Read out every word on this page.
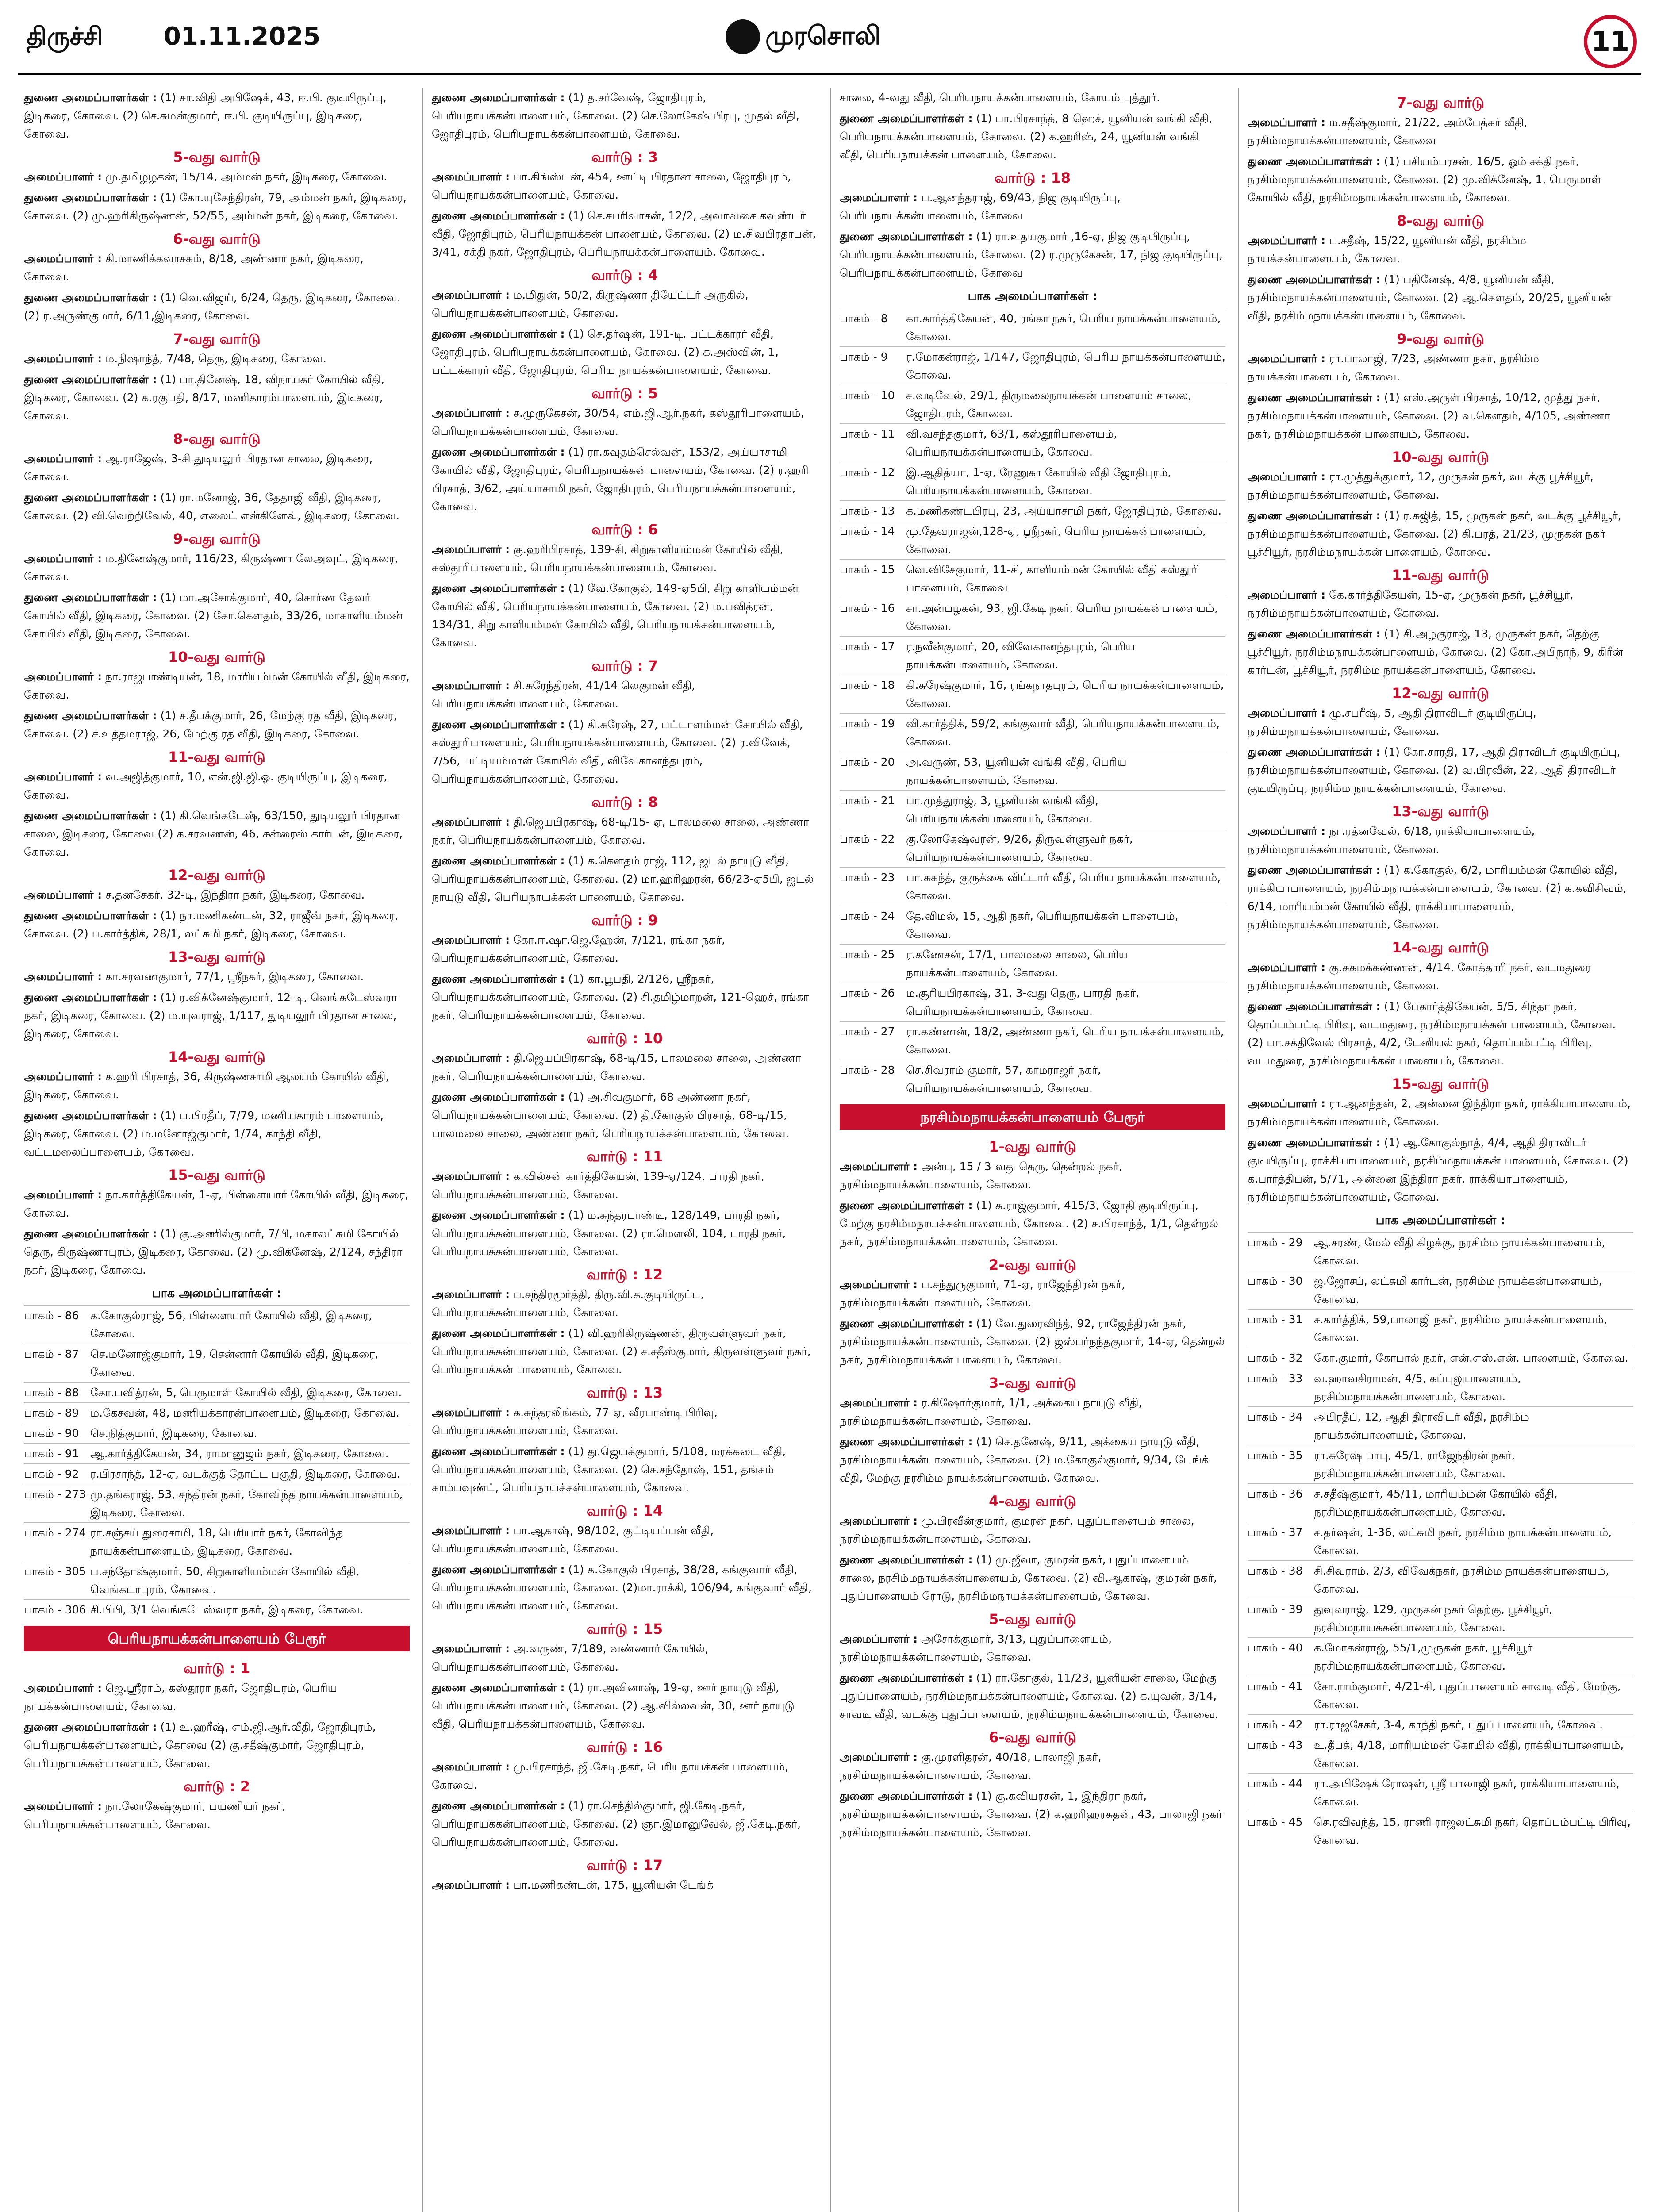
திருச்சி 01.11.2025	முரசொலி	11
துணை அமைப்பாளர்கள் : (1) சா.விதி அபிஷேக், 43, ஈ.பி. குடியிருப்பு, இடிகரை, கோவை. (2) செ.சுமன்குமார், ஈ.பி. குடியிருப்பு, இடிகரை, கோவை.
5-வது வார்டு
அமைப்பாளர் : மு.தமிழழகன், 15/14, அம்மன் நகர், இடிகரை, கோவை.
துணை அமைப்பாளர்கள் : (1) கோ.யுகேந்திரன், 79, அம்மன் நகர், இடிகரை, கோவை. (2) மு.ஹரிகிருஷ்ணன், 52/55, அம்மன் நகர், இடிகரை, கோவை.
6-வது வார்டு
அமைப்பாளர் : கி.மாணிக்கவாசகம், 8/18, அண்ணா நகர், இடிகரை, கோவை.
துணை அமைப்பாளர்கள் : (1) வெ.விஜய், 6/24, தெரு, இடிகரை, கோவை. (2) ர.அருண்குமார், 6/11,இடிகரை, கோவை.
7-வது வார்டு
அமைப்பாளர் : ம.நிஷாந்த், 7/48, தெரு, இடிகரை, கோவை.
துணை அமைப்பாளர்கள் : (1) பா.தினேஷ், 18, விநாயகர் கோயில் வீதி, இடிகரை, கோவை. (2) க.ரகுபதி, 8/17, மணிகாரம்பாளையம், இடிகரை, கோவை.
8-வது வார்டு
அமைப்பாளர் : ஆ.ராஜேஷ், 3-சி துடியலூர் பிரதான சாலை, இடிகரை, கோவை.
துணை அமைப்பாளர்கள் : (1) ரா.மனோஜ், 36, தேதாஜி வீதி, இடிகரை, கோவை. (2) வி.வெற்றிவேல், 40, எலைட் என்கிளேவ், இடிகரை, கோவை.
9-வது வார்டு
அமைப்பாளர் : ம.தினேஷ்குமார், 116/23, கிருஷ்ணா லேஅவுட், இடிகரை, கோவை.
துணை அமைப்பாளர்கள் : (1) மா.அசோக்குமார், 40, சொர்ண தேவர் கோயில் வீதி, இடிகரை, கோவை. (2) கோ.கௌதம், 33/26, மாகாளியம்மன் கோயில் வீதி, இடிகரை, கோவை.
10-வது வார்டு
அமைப்பாளர் : நா.ராஜபாண்டியன், 18, மாரியம்மன் கோயில் வீதி, இடிகரை, கோவை.
துணை அமைப்பாளர்கள் : (1) ச.தீபக்குமார், 26, மேற்கு ரத வீதி, இடிகரை, கோவை. (2) ச.உத்தமராஜ், 26, மேற்கு ரத வீதி, இடிகரை, கோவை.
11-வது வார்டு
அமைப்பாளர் : வ.அஜித்குமார், 10, என்.ஜி.ஜி.ஓ. குடியிருப்பு, இடிகரை, கோவை.
துணை அமைப்பாளர்கள் : (1) கி.வெங்கடேஷ், 63/150, துடியலூர் பிரதான சாலை, இடிகரை, கோவை (2) க.சரவணன், 46, சன்ரைஸ் கார்டன், இடிகரை, கோவை.
12-வது வார்டு
அமைப்பாளர் : ச.தனசேகர், 32-டி, இந்திரா நகர், இடிகரை, கோவை.
துணை அமைப்பாளர்கள் : (1) நா.மணிகண்டன், 32, ராஜீவ் நகர், இடிகரை, கோவை. (2) ப.கார்த்திக், 28/1, லட்சுமி நகர், இடிகரை, கோவை.
13-வது வார்டு
அமைப்பாளர் : கா.சரவணகுமார், 77/1, ஸ்ரீநகர், இடிகரை, கோவை.
துணை அமைப்பாளர்கள் : (1) ர.விக்னேஷ்குமார், 12-டி, வெங்கடேஸ்வரா நகர், இடிகரை, கோவை. (2) ம.யுவராஜ், 1/117, துடியலூர் பிரதான சாலை, இடிகரை, கோவை.
14-வது வார்டு
அமைப்பாளர் : க.ஹரி பிரசாத், 36, கிருஷ்ணசாமி ஆலயம் கோயில் வீதி, இடிகரை, கோவை.
துணை அமைப்பாளர்கள் : (1) ப.பிரதீப், 7/79, மணியகாரம் பாளையம், இடிகரை, கோவை. (2) ம.மனோஜ்குமார், 1/74, காந்தி வீதி, வட்டமலைப்பாளையம், கோவை.
15-வது வார்டு
அமைப்பாளர் : நா.கார்த்திகேயன், 1-ஏ, பிள்ளையார் கோயில் வீதி, இடிகரை, கோவை.
துணை அமைப்பாளர்கள் : (1) கு.அணில்குமார், 7/பி, மகாலட்சுமி கோயில் தெரு, கிருஷ்ணாபுரம், இடிகரை, கோவை. (2) மு.விக்னேஷ், 2/124, சந்திரா நகர், இடிகரை, கோவை.
பாக அமைப்பாளர்கள் :
பாகம் - 86	க.கோகுல்ராஜ், 56, பிள்ளையார் கோயில் வீதி, இடிகரை, கோவை.
பாகம் - 87	செ.மனோஜ்குமார், 19, சென்னார் கோயில் வீதி, இடிகரை, கோவை.
பாகம் - 88	கோ.பவித்ரன், 5, பெருமாள் கோயில் வீதி, இடிகரை, கோவை.
பாகம் - 89	ம.கேசவன், 48, மணியக்காரன்பாளையம், இடிகரை, கோவை.
பாகம் - 90	செ.நித்குமார், இடிகரை, கோவை.
பாகம் - 91	ஆ.கார்த்திகேயன், 34, ராமானுஜம் நகர், இடிகரை, கோவை.
பாகம் - 92	ர.பிரசாந்த், 12-ஏ, வடக்குத் தோட்ட பகுதி, இடிகரை, கோவை.
பாகம் - 273 மு.தங்கராஜ், 53, சந்திரன் நகர், கோவிந்த நாயக்கன்பாளையம், இடிகரை, கோவை.
பாகம் - 274 ரா.சஞ்சய் துரைசாமி, 18, பெரியார் நகர், கோவிந்த நாயக்கன்பாளையம், இடிகரை, கோவை.
பாகம் - 305 ப.சந்தோஷ்குமார், 50, சிறுகாளியம்மன் கோயில் வீதி, வெங்கடாபுரம், கோவை.
பாகம் - 306 சி.பிபி, 3/1 வெங்கடேஸ்வரா நகர், இடிகரை, கோவை.
பெரியநாயக்கன்பாளையம் பேரூர்
வார்டு : 1
அமைப்பாளர் : ஜெ.ஸ்ரீராம், கஸ்தூரா நகர், ஜோதிபுரம், பெரிய நாயக்கன்பாளையம், கோவை.
துணை அமைப்பாளர்கள் : (1) உ.ஹரீஷ், எம்.ஜி.ஆர்.வீதி, ஜோதிபுரம், பெரியநாயக்கன்பாளையம், கோவை (2) கு.சதீஷ்குமார், ஜோதிபுரம், பெரியநாயக்கன்பாளையம், கோவை.
வார்டு : 2
அமைப்பாளர் : நா.லோகேஷ்குமார், பயணியர் நகர், பெரியநாயக்கன்பாளையம், கோவை.
துணை அமைப்பாளர்கள் : (1) த.சர்வேஷ், ஜோதிபுரம், பெரியநாயக்கன்பாளையம், கோவை. (2) செ.லோகேஷ் பிரபு, முதல் வீதி, ஜோதிபுரம், பெரியநாயக்கன்பாளையம், கோவை.
வார்டு : 3
அமைப்பாளர் : பா.கிங்ஸ்டன், 454, ஊட்டி பிரதான சாலை, ஜோதிபுரம், பெரியநாயக்கன்பாளையம், கோவை.
துணை அமைப்பாளர்கள் : (1) செ.சபரிவாசன், 12/2, அவாவசை கவுண்டர் வீதி, ஜோதிபுரம், பெரியநாயக்கன் பாளையம், கோவை. (2) ம.சிவபிரதாபன், 3/41, சக்தி நகர், ஜோதிபுரம், பெரியநாயக்கன்பாளையம், கோவை.
வார்டு : 4
அமைப்பாளர் : ம.மிதுன், 50/2, கிருஷ்ணா தியேட்டர் அருகில், பெரியநாயக்கன்பாளையம், கோவை.
துணை அமைப்பாளர்கள் : (1) செ.தர்ஷன், 191-டி, பட்டக்காரர் வீதி, ஜோதிபுரம், பெரியநாயக்கன்பாளையம், கோவை. (2) க.அஸ்வின், 1, பட்டக்காரர் வீதி, ஜோதிபுரம், பெரிய நாயக்கன்பாளையம், கோவை.
வார்டு : 5
அமைப்பாளர் : ச.முருகேசன், 30/54, எம்.ஜி.ஆர்.நகர், கஸ்தூரிபாளையம், பெரியநாயக்கன்பாளையம், கோவை.
துணை அமைப்பாளர்கள் : (1) ரா.கவுதம்செல்வன், 153/2, அய்யாசாமி கோயில் வீதி, ஜோதிபுரம், பெரியநாயக்கன் பாளையம், கோவை. (2) ர.ஹரி பிரசாத், 3/62, அய்யாசாமி நகர், ஜோதிபுரம், பெரியநாயக்கன்பாளையம், கோவை.
வார்டு : 6
அமைப்பாளர் : கு.ஹரிபிரசாத், 139-சி, சிறுகாளியம்மன் கோயில் வீதி, கஸ்தூரிபாளையம், பெரியநாயக்கன்பாளையம், கோவை.
துணை அமைப்பாளர்கள் : (1) வே.கோகுல், 149-ஏ5பி, சிறு காளியம்மன் கோயில் வீதி, பெரியநாயக்கன்பாளையம், கோவை. (2) ம.பவித்ரன், 134/31, சிறு காளியம்மன் கோயில் வீதி, பெரியநாயக்கன்பாளையம், கோவை.
வார்டு : 7
அமைப்பாளர் : சி.சுரேந்திரன், 41/14 லெகுமன் வீதி, பெரியநாயக்கன்பாளையம், கோவை.
துணை அமைப்பாளர்கள் : (1) கி.சுரேஷ், 27, பட்டாளம்மன் கோயில் வீதி, கஸ்தூரிபாளையம், பெரியநாயக்கன்பாளையம், கோவை. (2) ர.விவேக், 7/56, பட்டியம்மாள் கோயில் வீதி, விவேகானந்தபுரம், பெரியநாயக்கன்பாளையம், கோவை.
வார்டு : 8
அமைப்பாளர் : தி.ஜெயபிரகாஷ், 68-டி/15- ஏ, பாலமலை சாலை, அண்ணா நகர், பெரியநாயக்கன்பாளையம், கோவை.
துணை அமைப்பாளர்கள் : (1) க.கௌதம் ராஜ், 112, ஜடல் நாயுடு வீதி, பெரியநாயக்கன்பாளையம், கோவை. (2) மா.ஹரிஹரன், 66/23-ஏ5பி, ஜடல் நாயுடு வீதி, பெரியநாயக்கன் பாளையம், கோவை.
வார்டு : 9
அமைப்பாளர் : கோ.ஈ.ஷா.ஜெ.ஹேன், 7/121, ரங்கா நகர், பெரியநாயக்கன்பாளையம், கோவை.
துணை அமைப்பாளர்கள் : (1) கா.பூபதி, 2/126, ஸ்ரீநகர், பெரியநாயக்கன்பாளையம், கோவை. (2) சி.தமிழ்மாறன், 121-ஹெச், ரங்கா நகர், பெரியநாயக்கன்பாளையம், கோவை.
வார்டு : 10
அமைப்பாளர் : தி.ஜெயப்பிரகாஷ், 68-டி/15, பாலமலை சாலை, அண்ணா நகர், பெரியநாயக்கன்பாளையம், கோவை.
துணை அமைப்பாளர்கள் : (1) அ.சிவகுமார், 68 அண்ணா நகர், பெரியநாயக்கன்பாளையம், கோவை. (2) தி.கோகுல் பிரசாத், 68-டி/15, பாலமலை சாலை, அண்ணா நகர், பெரியநாயக்கன்பாளையம், கோவை.
வார்டு : 11
அமைப்பாளர் : க.வில்சன் கார்த்திகேயன், 139-ஏ/124, பாரதி நகர், பெரியநாயக்கன்பாளையம், கோவை.
துணை அமைப்பாளர்கள் : (1) ம.சுந்தரபாண்டி, 128/149, பாரதி நகர், பெரியநாயக்கன்பாளையம், கோவை. (2) ரா.மௌலி, 104, பாரதி நகர், பெரியநாயக்கன்பாளையம், கோவை.
வார்டு : 12
அமைப்பாளர் : ப.சந்திரமூர்த்தி, திரு.வி.க.குடியிருப்பு, பெரியநாயக்கன்பாளையம், கோவை.
துணை அமைப்பாளர்கள் : (1) வி.ஹரிகிருஷ்ணன், திருவள்ளுவர் நகர், பெரியநாயக்கன்பாளையம், கோவை. (2) ச.சதீஸ்குமார், திருவள்ளுவர் நகர், பெரியநாயக்கன் பாளையம், கோவை.
வார்டு : 13
அமைப்பாளர் : க.சுந்தரலிங்கம், 77-ஏ, வீரபாண்டி பிரிவு, பெரியநாயக்கன்பாளையம், கோவை.
துணை அமைப்பாளர்கள் : (1) து.ஜெயக்குமார், 5/108, மரக்கடை வீதி, பெரியநாயக்கன்பாளையம், கோவை. (2) செ.சந்தோஷ், 151, தங்கம் காம்பவுண்ட், பெரியநாயக்கன்பாளையம், கோவை.
வார்டு : 14
அமைப்பாளர் : பா.ஆகாஷ், 98/102, குட்டியப்பன் வீதி, பெரியநாயக்கன்பாளையம், கோவை.
துணை அமைப்பாளர்கள் : (1) க.கோகுல் பிரசாத், 38/28, கங்குவார் வீதி, பெரியநாயக்கன்பாளையம், கோவை. (2)மா.ராக்கி, 106/94, கங்குவார் வீதி, பெரியநாயக்கன்பாளையம், கோவை.
வார்டு : 15
அமைப்பாளர் : அ.வருண், 7/189, வண்ணார் கோயில், பெரியநாயக்கன்பாளையம், கோவை.
துணை அமைப்பாளர்கள் : (1) ரா.அவினாஷ், 19-ஏ, ஊர் நாயுடு வீதி, பெரியநாயக்கன்பாளையம், கோவை. (2) ஆ.வில்லவன், 30, ஊர் நாயுடு வீதி, பெரியநாயக்கன்பாளையம், கோவை.
வார்டு : 16
அமைப்பாளர் : மு.பிரசாந்த், ஜி.கேடி.நகர், பெரியநாயக்கன் பாளையம், கோவை.
துணை அமைப்பாளர்கள் : (1) ரா.செந்தில்குமார், ஜி.கேடி.நகர், பெரியநாயக்கன்பாளையம், கோவை. (2) ஞா.இமானுவேல், ஜி.கேடி.நகர், பெரியநாயக்கன்பாளையம், கோவை.
வார்டு : 17
அமைப்பாளர் : பா.மணிகண்டன், 175, யூனியன் டேங்க்
சாலை, 4-வது வீதி, பெரியநாயக்கன்பாளையம், கோயம் புத்தூர்.
துணை அமைப்பாளர்கள் : (1) பா.பிரசாந்த், 8-ஹெச், யூனியன் வங்கி வீதி, பெரியநாயக்கன்பாளையம், கோவை. (2) க.ஹரிஷ், 24, யூனியன் வங்கி வீதி, பெரியநாயக்கன் பாளையம், கோவை.
வார்டு : 18
அமைப்பாளர் : ப.ஆனந்தராஜ், 69/43, நிஜ குடியிருப்பு, பெரியநாயக்கன்பாளையம், கோவை
துணை அமைப்பாளர்கள் : (1) ரா.உதயகுமார் ,16-ஏ, நிஜ குடியிருப்பு, பெரியநாயக்கன்பாளையம், கோவை. (2) ர.முருகேசன், 17, நிஜ குடியிருப்பு, பெரியநாயக்கன்பாளையம், கோவை
பாக அமைப்பாளர்கள் :
பாகம் - 8	கா.கார்த்திகேயன், 40, ரங்கா நகர், பெரிய நாயக்கன்பாளையம், கோவை.
பாகம் - 9	ர.மோகன்ராஜ், 1/147, ஜோதிபுரம், பெரிய நாயக்கன்பாளையம், கோவை.
பாகம் - 10	ச.வடிவேல், 29/1, திருமலைநாயக்கன் பாளையம் சாலை, ஜோதிபுரம், கோவை.
பாகம் - 11	வி.வசந்தகுமார், 63/1, கஸ்தூரிபாளையம், பெரியநாயக்கன்பாளையம், கோவை.
பாகம் - 12	இ.ஆதித்யா, 1-ஏ, ரேணுகா கோயில் வீதி ஜோதிபுரம், பெரியநாயக்கன்பாளையம், கோவை.
பாகம் - 13	க.மணிகண்டபிரபு, 23, அய்யாசாமி நகர், ஜோதிபுரம், கோவை.
பாகம் - 14	மு.தேவராஜன்,128-ஏ, ஸ்ரீநகர், பெரிய நாயக்கன்பாளையம், கோவை.
பாகம் - 15	வெ.விசேகுமார், 11-சி, காளியம்மன் கோயில் வீதி கஸ்தூரி பாளையம், கோவை
பாகம் - 16	சா.அன்பழகன், 93, ஜி.கேடி நகர், பெரிய நாயக்கன்பாளையம், கோவை.
பாகம் - 17	ர.நவீன்குமார், 20, விவேகானந்தபுரம், பெரிய நாயக்கன்பாளையம், கோவை.
பாகம் - 18	கி.சுரேஷ்குமார், 16, ரங்கநாதபுரம், பெரிய நாயக்கன்பாளையம், கோவை.
பாகம் - 19	வி.கார்த்திக், 59/2, கங்குவார் வீதி, பெரியநாயக்கன்பாளையம், கோவை.
பாகம் - 20	அ.வருண், 53, யூனியன் வங்கி வீதி, பெரிய நாயக்கன்பாளையம், கோவை.
பாகம் - 21	பா.முத்துராஜ், 3, யூனியன் வங்கி வீதி, பெரியநாயக்கன்பாளையம், கோவை.
பாகம் - 22	கு.லோகேஷ்வரன், 9/26, திருவள்ளுவர் நகர், பெரியநாயக்கன்பாளையம், கோவை.
பாகம் - 23	பா.சுகந்த், குருக்கை விட்டார் வீதி, பெரிய நாயக்கன்பாளையம், கோவை.
பாகம் - 24	தே.விமல், 15, ஆதி நகர், பெரியநாயக்கன் பாளையம், கோவை.
பாகம் - 25	ர.கணேசன், 17/1, பாலமலை சாலை, பெரிய நாயக்கன்பாளையம், கோவை.
பாகம் - 26	ம.சூரியபிரகாஷ், 31, 3-வது தெரு, பாரதி நகர், பெரியநாயக்கன்பாளையம், கோவை.
பாகம் - 27	ரா.கண்ணன், 18/2, அண்ணா நகர், பெரிய நாயக்கன்பாளையம், கோவை.
பாகம் - 28	செ.சிவராம் குமார், 57, காமராஜர் நகர், பெரியநாயக்கன்பாளையம், கோவை.
நரசிம்மநாயக்கன்பாளையம் பேரூர்
1-வது வார்டு
அமைப்பாளர் : அன்பு, 15 / 3-வது தெரு, தென்றல் நகர், நரசிம்மநாயக்கன்பாளையம், கோவை.
துணை அமைப்பாளர்கள் : (1) க.ராஜ்குமார், 415/3, ஜோதி குடியிருப்பு, மேற்கு நரசிம்மநாயக்கன்பாளையம், கோவை. (2) ச.பிரசாந்த், 1/1, தென்றல் நகர், நரசிம்மநாயக்கன்பாளையம், கோவை.
2-வது வார்டு
அமைப்பாளர் : ப.சந்துருகுமார், 71-ஏ, ராஜேந்திரன் நகர், நரசிம்மநாயக்கன்பாளையம், கோவை.
துணை அமைப்பாளர்கள் : (1) வே.துரைவிந்த், 92, ராஜேந்திரன் நகர், நரசிம்மநாயக்கன்பாளையம், கோவை. (2) ஜஸ்பர்நந்தகுமார், 14-ஏ, தென்றல் நகர், நரசிம்மநாயக்கன் பாளையம், கோவை.
3-வது வார்டு
அமைப்பாளர் : ர.கிஷோர்குமார், 1/1, அக்கைய நாயுடு வீதி, நரசிம்மநாயக்கன்பாளையம், கோவை.
துணை அமைப்பாளர்கள் : (1) செ.தனேஷ், 9/11, அக்கைய நாயுடு வீதி, நரசிம்மநாயக்கன்பாளையம், கோவை. (2) ம.கோகுல்குமார், 9/34, டேங்க் வீதி, மேற்கு நரசிம்ம நாயக்கன்பாளையம், கோவை.
4-வது வார்டு
அமைப்பாளர் : மு.பிரவீன்குமார், குமரன் நகர், புதுப்பாளையம் சாலை, நரசிம்மநாயக்கன்பாளையம், கோவை.
துணை அமைப்பாளர்கள் : (1) மு.ஜீவா, குமரன் நகர், புதுப்பாளையம் சாலை, நரசிம்மநாயக்கன்பாளையம், கோவை. (2) வி.ஆகாஷ், குமரன் நகர், புதுப்பாளையம் ரோடு, நரசிம்மநாயக்கன்பாளையம், கோவை.
5-வது வார்டு
அமைப்பாளர் : அசோக்குமார், 3/13, புதுப்பாளையம், நரசிம்மநாயக்கன்பாளையம், கோவை.
துணை அமைப்பாளர்கள் : (1) ரா.கோகுல், 11/23, யூனியன் சாலை, மேற்கு புதுப்பாளையம், நரசிம்மநாயக்கன்பாளையம், கோவை. (2) க.யுவன், 3/14, சாவடி வீதி, வடக்கு புதுப்பாளையம், நரசிம்மநாயக்கன்பாளையம், கோவை.
6-வது வார்டு
அமைப்பாளர் : கு.முரளிதரன், 40/18, பாலாஜி நகர், நரசிம்மநாயக்கன்பாளையம், கோவை.
துணை அமைப்பாளர்கள் : (1) கு.கவியரசன், 1, இந்திரா நகர், நரசிம்மநாயக்கன்பாளையம், கோவை. (2) க.ஹரிஹரசுதன், 43, பாலாஜி நகர் நரசிம்மநாயக்கன்பாளையம், கோவை.
7-வது வார்டு
அமைப்பாளர் : ம.சதீஷ்குமார், 21/22, அம்பேத்கர் வீதி, நரசிம்மநாயக்கன்பாளையம், கோவை
துணை அமைப்பாளர்கள் : (1) பசியம்பரசன், 16/5, ஓம் சக்தி நகர், நரசிம்மநாயக்கன்பாளையம், கோவை. (2) மு.விக்னேஷ், 1, பெருமாள் கோயில் வீதி, நரசிம்மநாயக்கன்பாளையம், கோவை.
8-வது வார்டு
அமைப்பாளர் : ப.சதீஷ், 15/22, யூனியன் வீதி, நரசிம்ம நாயக்கன்பாளையம், கோவை.
துணை அமைப்பாளர்கள் : (1) பதினேஷ், 4/8, யூனியன் வீதி, நரசிம்மநாயக்கன்பாளையம், கோவை. (2) ஆ.கௌதம், 20/25, யூனியன் வீதி, நரசிம்மநாயக்கன்பாளையம், கோவை.
9-வது வார்டு
அமைப்பாளர் : ரா.பாலாஜி, 7/23, அண்ணா நகர், நரசிம்ம நாயக்கன்பாளையம், கோவை.
துணை அமைப்பாளர்கள் : (1) எஸ்.அருள் பிரசாத், 10/12, முத்து நகர், நரசிம்மநாயக்கன்பாளையம், கோவை. (2) வ.கௌதம், 4/105, அண்ணா நகர், நரசிம்மநாயக்கன் பாளையம், கோவை.
10-வது வார்டு
அமைப்பாளர் : ரா.முத்துக்குமார், 12, முருகன் நகர், வடக்கு பூச்சியூர், நரசிம்மநாயக்கன்பாளையம், கோவை.
துணை அமைப்பாளர்கள் : (1) ர.சுஜித், 15, முருகன் நகர், வடக்கு பூச்சியூர், நரசிம்மநாயக்கன்பாளையம், கோவை. (2) கி.பரத், 21/23, முருகன் நகர் பூச்சியூர், நரசிம்மநாயக்கன் பாளையம், கோவை.
11-வது வார்டு
அமைப்பாளர் : கே.கார்த்திகேயன், 15-ஏ, முருகன் நகர், பூச்சியூர், நரசிம்மநாயக்கன்பாளையம், கோவை.
துணை அமைப்பாளர்கள் : (1) சி.அழகுராஜ், 13, முருகன் நகர், தெற்கு பூச்சியூர், நரசிம்மநாயக்கன்பாளையம், கோவை. (2) கோ.அபிநாந், 9, கிரீன் கார்டன், பூச்சியூர், நரசிம்ம நாயக்கன்பாளையம், கோவை.
12-வது வார்டு
அமைப்பாளர் : மு.சபரீஷ், 5, ஆதி திராவிடர் குடியிருப்பு, நரசிம்மநாயக்கன்பாளையம், கோவை.
துணை அமைப்பாளர்கள் : (1) கோ.சாரதி, 17, ஆதி திராவிடர் குடியிருப்பு, நரசிம்மநாயக்கன்பாளையம், கோவை. (2) வ.பிரவீன், 22, ஆதி திராவிடர் குடியிருப்பு, நரசிம்ம நாயக்கன்பாளையம், கோவை.
13-வது வார்டு
அமைப்பாளர் : நா.ரத்னவேல், 6/18, ராக்கியாபாளையம், நரசிம்மநாயக்கன்பாளையம், கோவை.
துணை அமைப்பாளர்கள் : (1) க.கோகுல், 6/2, மாரியம்மன் கோயில் வீதி, ராக்கியாபாளையம், நரசிம்மநாயக்கன்பாளையம், கோவை. (2) க.கவிசிவம், 6/14, மாரியம்மன் கோயில் வீதி, ராக்கியாபாளையம், நரசிம்மநாயக்கன்பாளையம், கோவை.
14-வது வார்டு
அமைப்பாளர் : கு.சுகமக்கண்ணன், 4/14, கோத்தாரி நகர், வடமதுரை நரசிம்மநாயக்கன்பாளையம், கோவை.
துணை அமைப்பாளர்கள் : (1) பேகார்த்திகேயன், 5/5, சிந்தா நகர், தொப்பம்பட்டி பிரிவு, வடமதுரை, நரசிம்மநாயக்கன் பாளையம், கோவை. (2) பா.சக்திவேல் பிரசாத், 4/2, டேனியல் நகர், தொப்பம்பட்டி பிரிவு, வடமதுரை, நரசிம்மநாயக்கன் பாளையம், கோவை.
15-வது வார்டு
அமைப்பாளர் : ரா.ஆனந்தன், 2, அன்னை இந்திரா நகர், ராக்கியாபாளையம், நரசிம்மநாயக்கன்பாளையம், கோவை.
துணை அமைப்பாளர்கள் : (1) ஆ.கோகுல்நாத், 4/4, ஆதி திராவிடர் குடியிருப்பு, ராக்கியாபாளையம், நரசிம்மநாயக்கன் பாளையம், கோவை. (2) க.பார்த்திபன், 5/71, அன்னை இந்திரா நகர், ராக்கியாபாளையம், நரசிம்மநாயக்கன்பாளையம், கோவை.
பாக அமைப்பாளர்கள் :
பாகம் - 29	ஆ.சரண், மேல் வீதி கிழக்கு, நரசிம்ம நாயக்கன்பாளையம், கோவை.
பாகம் - 30	ஜ.ஜோசப், லட்சுமி கார்டன், நரசிம்ம நாயக்கன்பாளையம், கோவை.
பாகம் - 31	ச.கார்த்திக், 59,பாலாஜி நகர், நரசிம்ம நாயக்கன்பாளையம், கோவை.
பாகம் - 32	கோ.குமார், கோபால் நகர், என்.எஸ்.என். பாளையம், கோவை.
பாகம் - 33	வ.ஹாவசிராமன், 4/5, கப்புலுபாளையம், நரசிம்மநாயக்கன்பாளையம், கோவை.
பாகம் - 34	அபிரதீப், 12, ஆதி திராவிடர் வீதி, நரசிம்ம நாயக்கன்பாளையம், கோவை.
பாகம் - 35	ரா.சுரேஷ் பாபு, 45/1, ராஜேந்திரன் நகர், நரசிம்மநாயக்கன்பாளையம், கோவை.
பாகம் - 36	ச.சதீஷ்குமார், 45/11, மாரியம்மன் கோயில் வீதி, நரசிம்மநாயக்கன்பாளையம், கோவை.
பாகம் - 37	ச.தர்ஷன், 1-36, லட்சுமி நகர், நரசிம்ம நாயக்கன்பாளையம், கோவை.
பாகம் - 38	சி.சிவராம், 2/3, விவேக்நகர், நரசிம்ம நாயக்கன்பாளையம், கோவை.
பாகம் - 39	துவுவராஜ், 129, முருகன் நகர் தெற்கு, பூச்சியூர், நரசிம்மநாயக்கன்பாளையம், கோவை.
பாகம் - 40	க.மோகன்ராஜ், 55/1,முருகன் நகர், பூச்சியூர் நரசிம்மநாயக்கன்பாளையம், கோவை.
பாகம் - 41	சோ.ராம்குமார், 4/21-சி, புதுப்பாளையம் சாவடி வீதி, மேற்கு, கோவை.
பாகம் - 42	ரா.ராஜசேகர், 3-4, காந்தி நகர், புதுப் பாளையம், கோவை.
பாகம் - 43	உ.தீபக், 4/18, மாரியம்மன் கோயில் வீதி, ராக்கியாபாளையம், கோவை.
பாகம் - 44	ரா.அபிஷேக் ரோஷன், ஸ்ரீ பாலாஜி நகர், ராக்கியாபாளையம், கோவை.
பாகம் - 45	செ.ரவிவந்த், 15, ராணி ராஜலட்சுமி நகர், தொப்பம்பட்டி பிரிவு, கோவை.
